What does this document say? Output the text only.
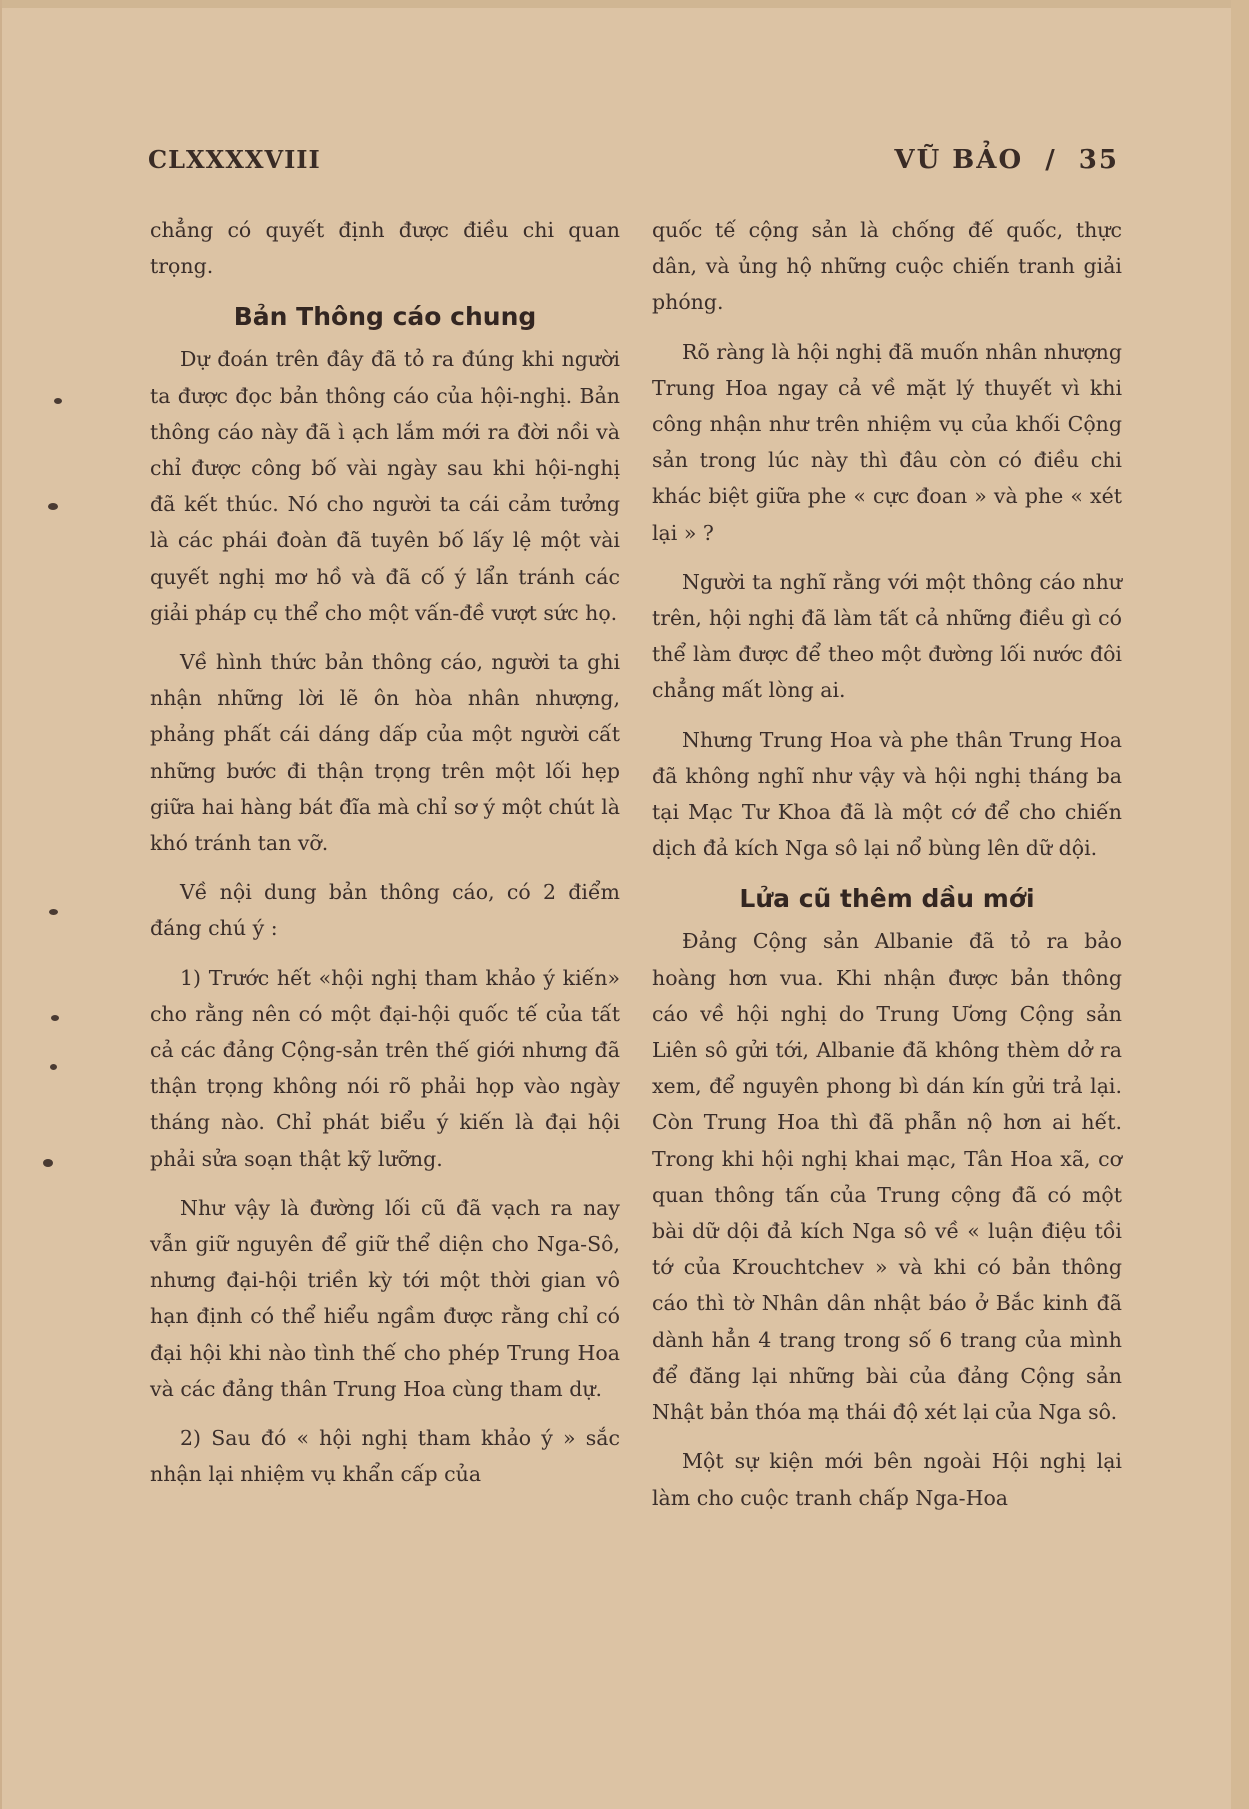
CLXXXXVIII	VŨ BẢO  /  35

chẳng có quyết định được điều chi quan trọng.

Bản Thông cáo chung

Dự đoán trên đây đã tỏ ra đúng khi người ta được đọc bản thông cáo của hội-nghị. Bản thông cáo này đã ì ạch lắm mới ra đời nồi và chỉ được công bố vài ngày sau khi hội-nghị đã kết thúc. Nó cho người ta cái cảm tưởng là các phái đoàn đã tuyên bố lấy lệ một vài quyết nghị mơ hồ và đã cố ý lẩn tránh các giải pháp cụ thể cho một vấn-đề vượt sức họ.

Về hình thức bản thông cáo, người ta ghi nhận những lời lẽ ôn hòa nhân nhượng, phảng phất cái dáng dấp của một người cất những bước đi thận trọng trên một lối hẹp giữa hai hàng bát đĩa mà chỉ sơ ý một chút là khó tránh tan vỡ.

Về nội dung bản thông cáo, có 2 điểm đáng chú ý :

1) Trước hết «hội nghị tham khảo ý kiến» cho rằng nên có một đại-hội quốc tế của tất cả các đảng Cộng-sản trên thế giới nhưng đã thận trọng không nói rõ phải họp vào ngày tháng nào. Chỉ phát biểu ý kiến là đại hội phải sửa soạn thật kỹ lưỡng.

Như vậy là đường lối cũ đã vạch ra nay vẫn giữ nguyên để giữ thể diện cho Nga-Sô, nhưng đại-hội triền kỳ tới một thời gian vô hạn định có thể hiểu ngầm được rằng chỉ có đại hội khi nào tình thế cho phép Trung Hoa và các đảng thân Trung Hoa cùng tham dự.

2) Sau đó « hội nghị tham khảo ý » sắc nhận lại nhiệm vụ khẩn cấp của

quốc tế cộng sản là chống đế quốc, thực dân, và ủng hộ những cuộc chiến tranh giải phóng.

Rõ ràng là hội nghị đã muốn nhân nhượng Trung Hoa ngay cả về mặt lý thuyết vì khi công nhận như trên nhiệm vụ của khối Cộng sản trong lúc này thì đâu còn có điều chi khác biệt giữa phe « cực đoan » và phe « xét lại » ?

Người ta nghĩ rằng với một thông cáo như trên, hội nghị đã làm tất cả những điều gì có thể làm được để theo một đường lối nước đôi chẳng mất lòng ai.

Nhưng Trung Hoa và phe thân Trung Hoa đã không nghĩ như vậy và hội nghị tháng ba tại Mạc Tư Khoa đã là một cớ để cho chiến dịch đả kích Nga sô lại nổ bùng lên dữ dội.

Lửa cũ thêm dầu mới

Đảng Cộng sản Albanie đã tỏ ra bảo hoàng hơn vua. Khi nhận được bản thông cáo về hội nghị do Trung Ương Cộng sản Liên sô gửi tới, Albanie đã không thèm dở ra xem, để nguyên phong bì dán kín gửi trả lại. Còn Trung Hoa thì đã phẫn nộ hơn ai hết. Trong khi hội nghị khai mạc, Tân Hoa xã, cơ quan thông tấn của Trung cộng đã có một bài dữ dội đả kích Nga sô về « luận điệu tồi tớ của Krouchtchev » và khi có bản thông cáo thì tờ Nhân dân nhật báo ở Bắc kinh đã dành hẳn 4 trang trong số 6 trang của mình để đăng lại những bài của đảng Cộng sản Nhật bản thóa mạ thái độ xét lại của Nga sô.

Một sự kiện mới bên ngoài Hội nghị lại làm cho cuộc tranh chấp Nga-Hoa
